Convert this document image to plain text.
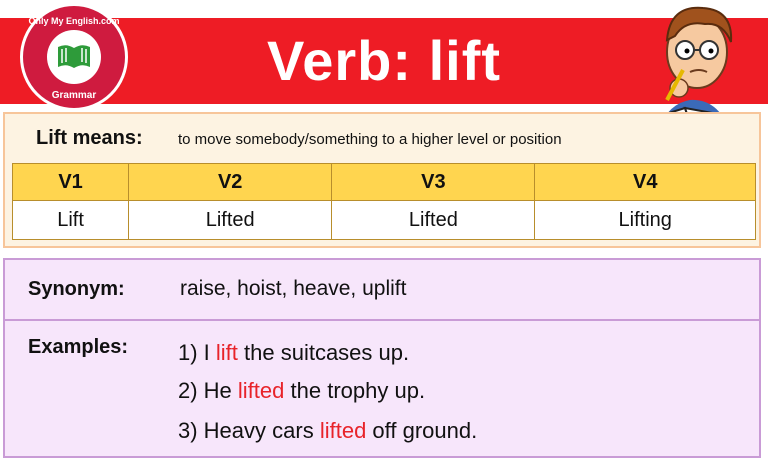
Verb: lift
Only My English.com
Grammar
Lift means: to move somebody/something to a higher level or position
V1	V2	V3	V4
Lift	Lifted	Lifted	Lifting
Synonym:	raise, hoist, heave, uplift
Examples: 1) I lift the suitcases up.
2) He lifted the trophy up.
3) Heavy cars lifted off ground.
